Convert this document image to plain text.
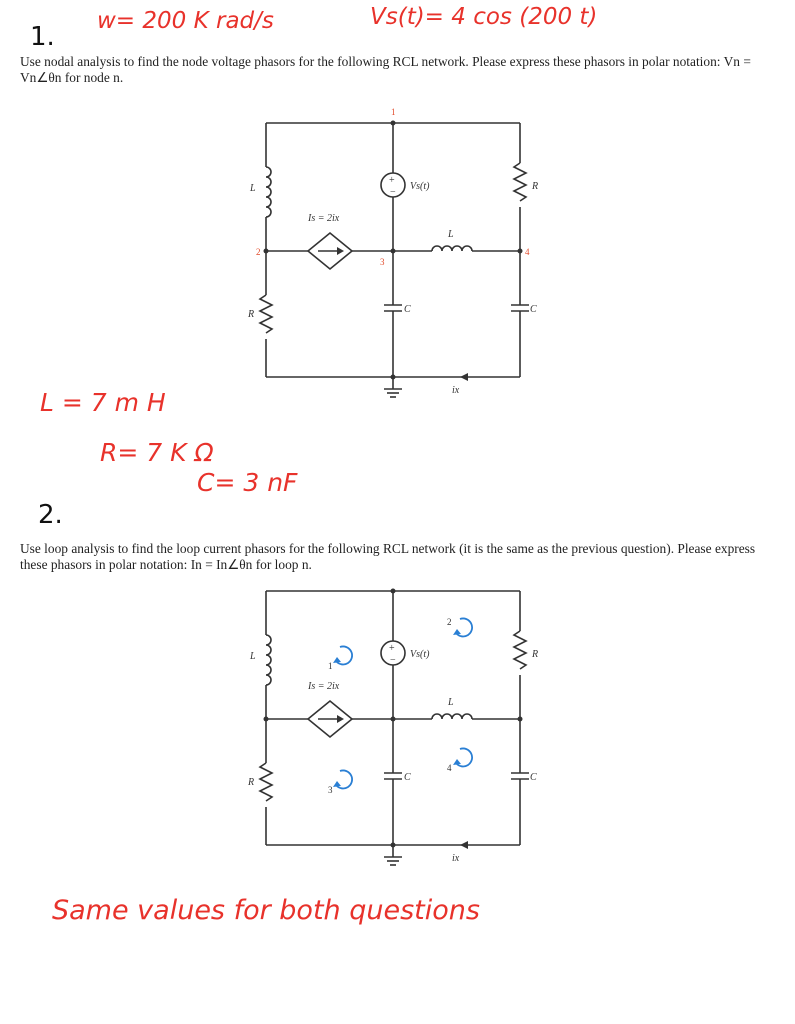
1.
w= 200 K rad/s	Vs(t)= 4 cos (200 t)
Use nodal analysis to find the node voltage phasors for the following RCL network. Please express these phasors in polar notation: Vn = Vn∠θn for node n.
+
−
L
R
Vs(t)
Is = 2ix
L
R
C	C
ix
1
2
3
4
L = 7 m H
R= 7 K Ω
C= 3 nF
2.
Use loop analysis to find the loop current phasors for the following RCL network (it is the same as the previous question). Please express these phasors in polar notation: In = In∠θn for loop n.
+
−
L
R
Vs(t)
Is = 2ix
L
R
C	C
ix
1
2
3
4
Same values for both questions
